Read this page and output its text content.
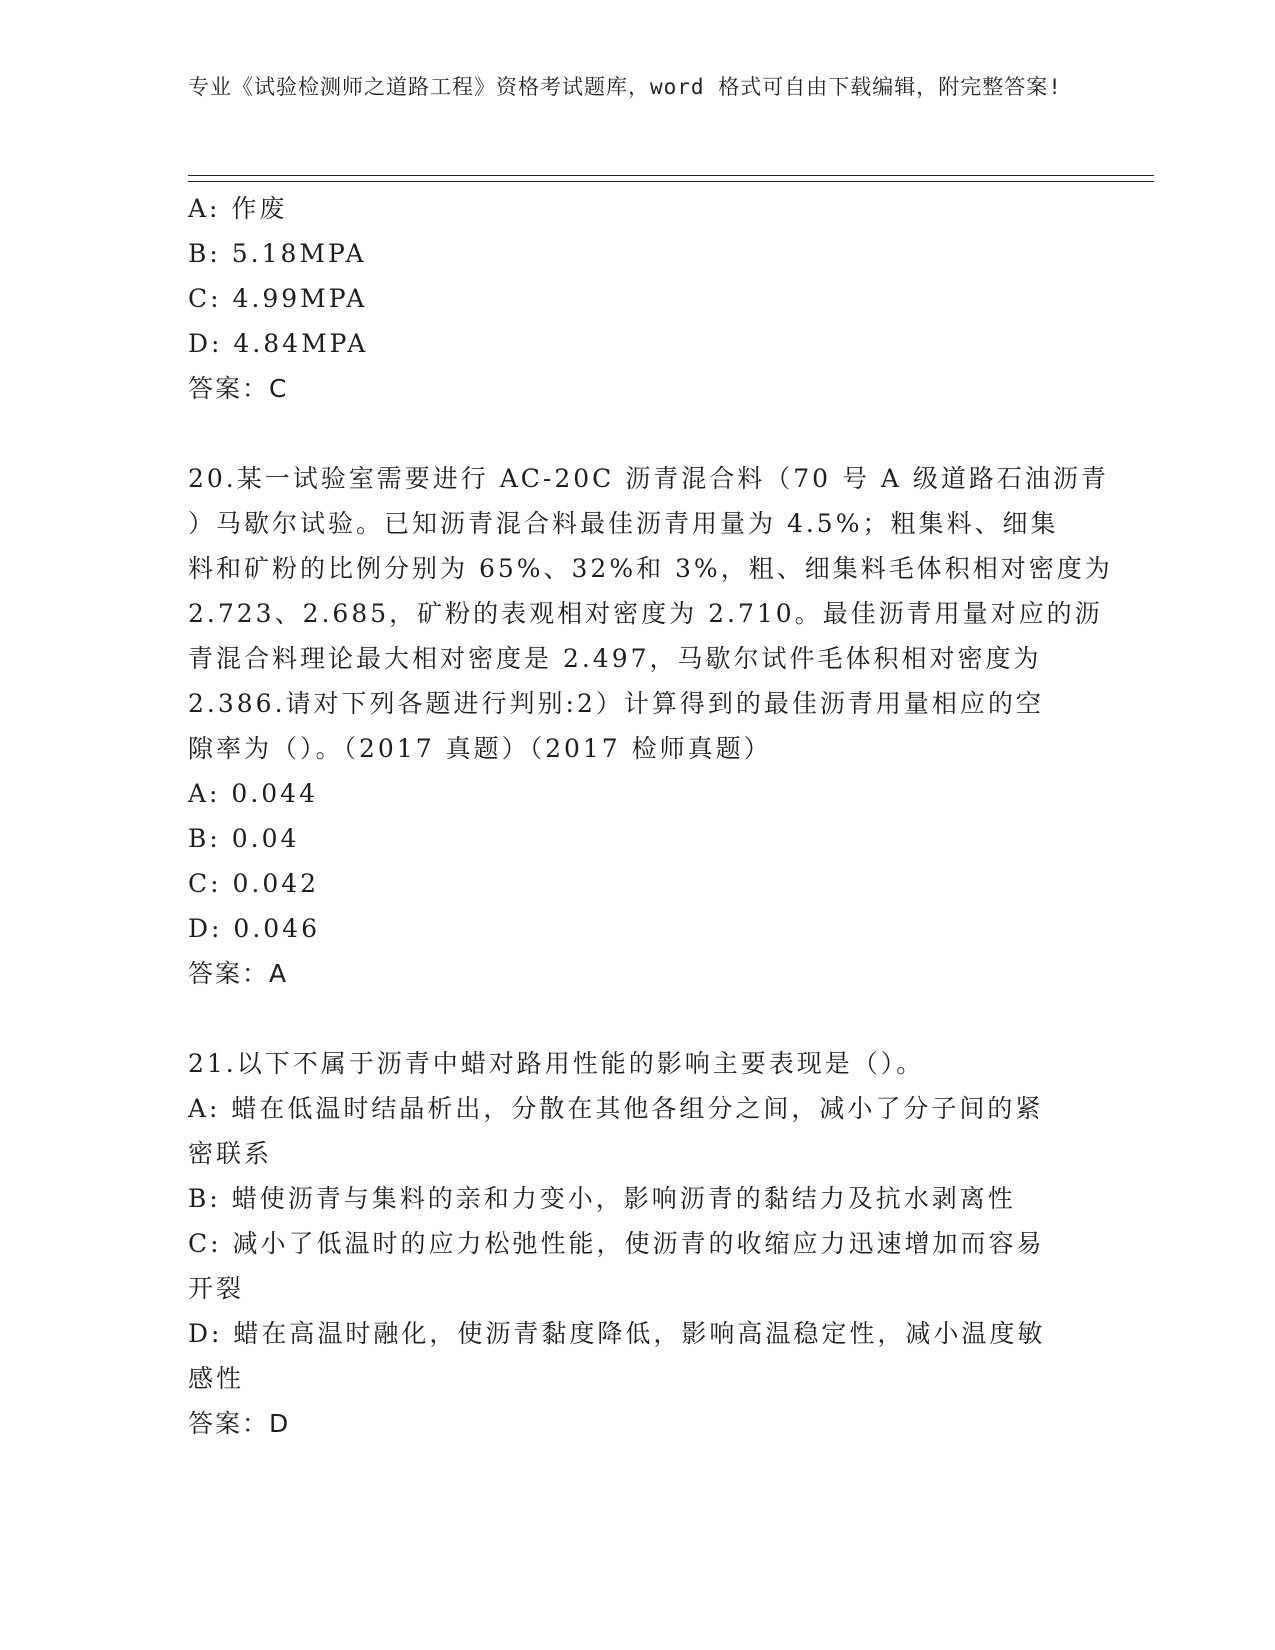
专业《试验检测师之道路工程》资格考试题库，word 格式可自由下载编辑，附完整答案!
A: 作废
B: 5.18MPA
C: 4.99MPA
D: 4.84MPA
答案：C
20.某一试验室需要进行 AC-20C 沥青混合料（70 号 A 级道路石油沥青
）马歇尔试验。已知沥青混合料最佳沥青用量为 4.5%；粗集料、细集
料和矿粉的比例分别为 65%、32%和 3%，粗、细集料毛体积相对密度为
2.723、2.685，矿粉的表观相对密度为 2.710。最佳沥青用量对应的沥
青混合料理论最大相对密度是 2.497，马歇尔试件毛体积相对密度为
2.386.请对下列各题进行判别:2）计算得到的最佳沥青用量相应的空
隙率为（）。（2017 真题）（2017 检师真题）
A: 0.044
B: 0.04
C: 0.042
D: 0.046
答案：A
21.以下不属于沥青中蜡对路用性能的影响主要表现是（）。
A: 蜡在低温时结晶析出，分散在其他各组分之间，减小了分子间的紧
密联系
B: 蜡使沥青与集料的亲和力变小，影响沥青的黏结力及抗水剥离性
C: 减小了低温时的应力松弛性能，使沥青的收缩应力迅速增加而容易
开裂
D: 蜡在高温时融化，使沥青黏度降低，影响高温稳定性，减小温度敏
感性
答案：D
